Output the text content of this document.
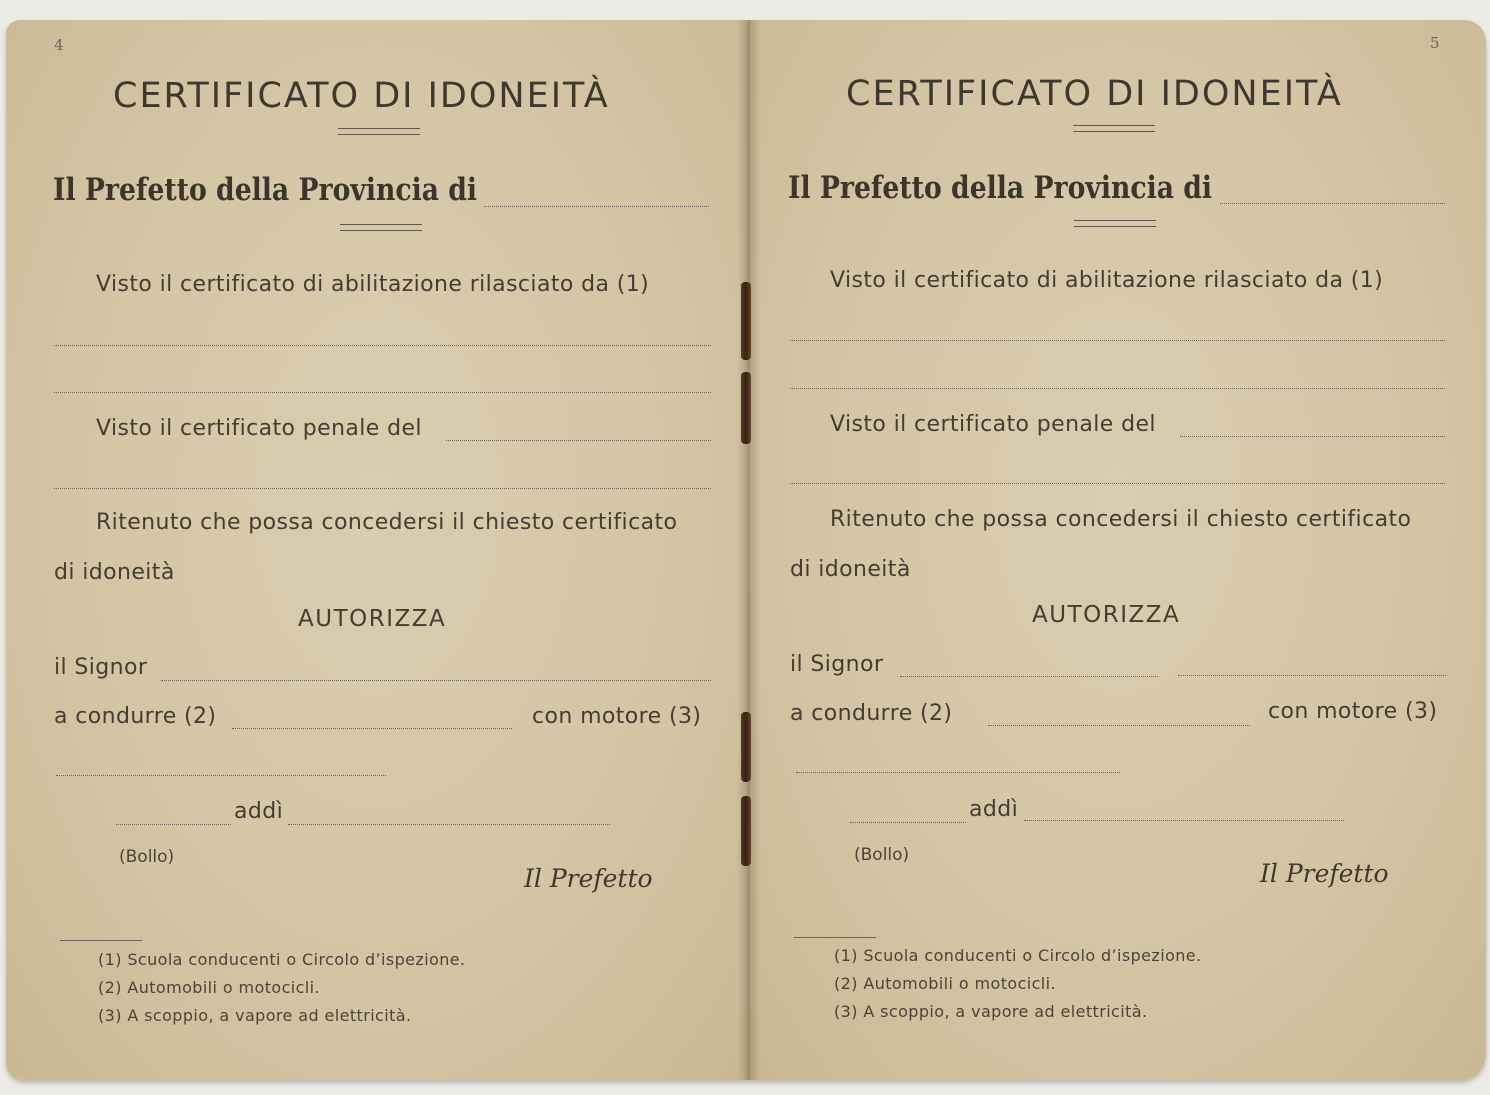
4
CERTIFICATO DI IDONEITÀ
Il Prefetto della Provincia di
Visto il certificato di abilitazione rilasciato da (1)
Visto il certificato penale del
Ritenuto che possa concedersi il chiesto certificato
di idoneità
AUTORIZZA
il Signor
a condurre (2)	con motore (3)
addì
(Bollo)
Il Prefetto
(1) Scuola conducenti o Circolo d’ispezione.
(2) Automobili o motocicli.
(3) A scoppio, a vapore ad elettricità.
5
CERTIFICATO DI IDONEITÀ
Il Prefetto della Provincia di
Visto il certificato di abilitazione rilasciato da (1)
Visto il certificato penale del
Ritenuto che possa concedersi il chiesto certificato
di idoneità
AUTORIZZA
il Signor
a condurre (2)	con motore (3)
addì
(Bollo)
Il Prefetto
(1) Scuola conducenti o Circolo d’ispezione.
(2) Automobili o motocicli.
(3) A scoppio, a vapore ad elettricità.
